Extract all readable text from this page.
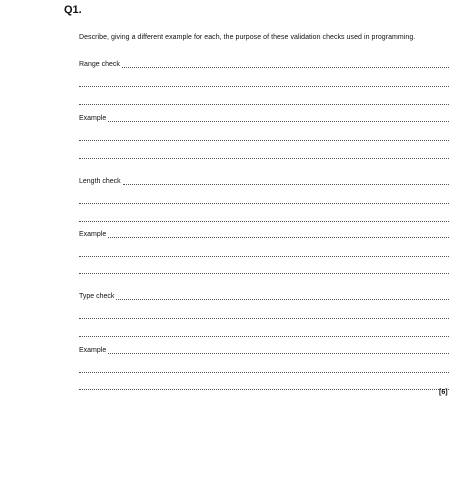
Q1.
Describe, giving a different example for each, the purpose of these validation checks used in programming.
Range check
Example
Length check
Example
Type check
Example
[6]
